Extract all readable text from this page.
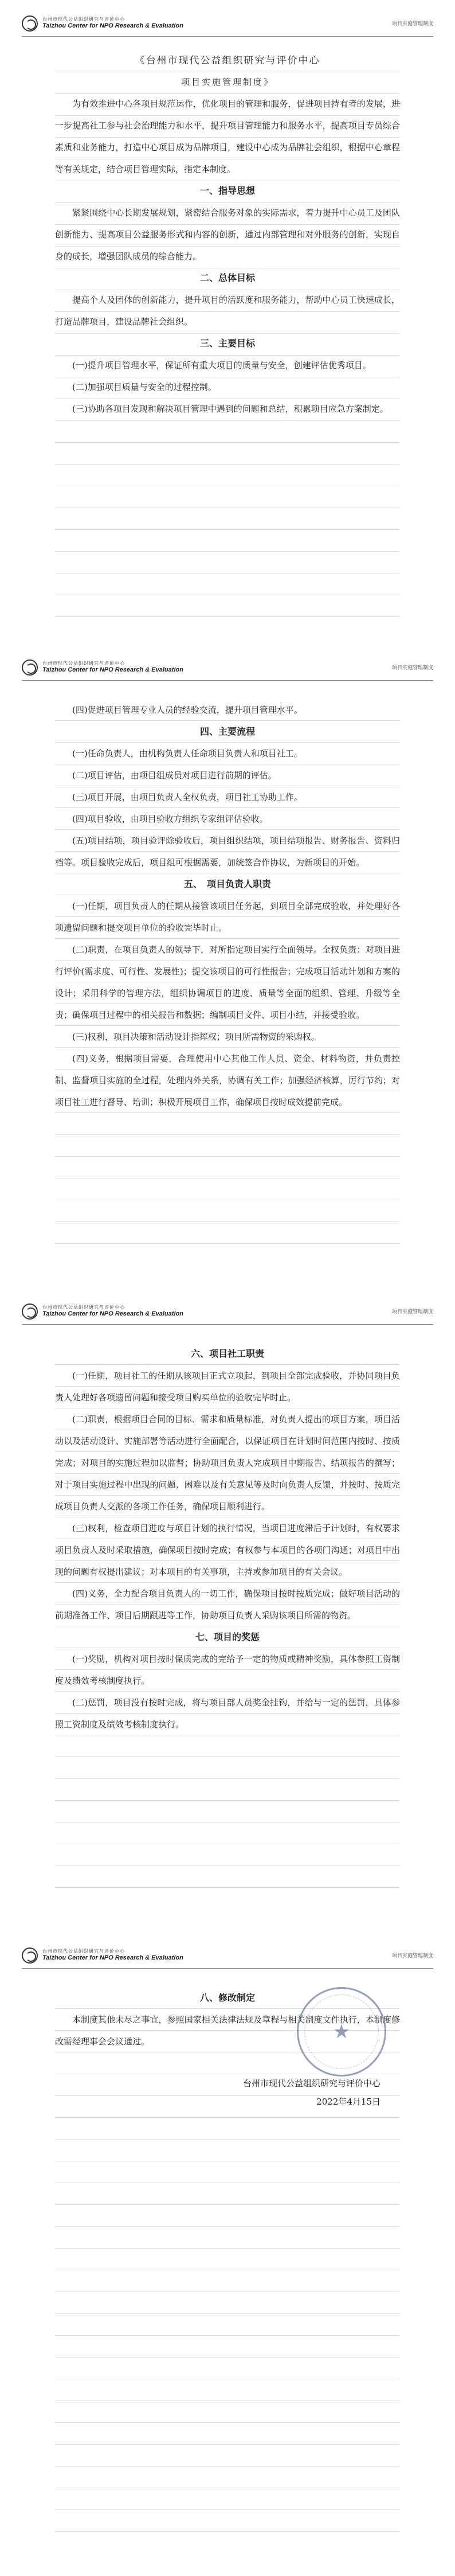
台州市现代公益组织研究与评价中心
Taizhou Center for NPO Research & Evaluation	项目实施管理制度
《台州市现代公益组织研究与评价中心
项目实施管理制度》

为有效推进中心各项目规范运作，优化项目的管理和服务，促进项目持有者的发展，进一步提高社工参与社会治理能力和水平，提升项目管理能力和服务水平，提高项目专员综合素质和业务能力，打造中心项目成为品牌项目，建设中心成为品牌社会组织，根据中心章程等有关规定，结合项目管理实际，指定本制度。

一、指导思想

紧紧围绕中心长期发展规划，紧密结合服务对象的实际需求，着力提升中心员工及团队创新能力、提高项目公益服务形式和内容的创新，通过内部管理和对外服务的创新，实现自身的成长，增强团队成员的综合能力。

二、总体目标

提高个人及团体的创新能力，提升项目的活跃度和服务能力，帮助中心员工快速成长，打造品牌项目，建设品牌社会组织。

三、主要目标

(一)提升项目管理水平，保证所有重大项目的质量与安全，创建评估优秀项目。

(二)加强项目质量与安全的过程控制。

(三)协助各项目发现和解决项目管理中遇到的问题和总结，积累项目应急方案制定。

台州市现代公益组织研究与评价中心
Taizhou Center for NPO Research & Evaluation	项目实施管理制度

(四)促进项目管理专业人员的经验交流，提升项目管理水平。

四、主要流程

(一)任命负责人，由机构负责人任命项目负责人和项目社工。

(二)项目评估，由项目组成员对项目进行前期的评估。

(三)项目开展，由项目负责人全权负责，项目社工协助工作。

(四)项目验收，由项目验收方组织专家组评估验收。

(五)项目结项，项目验评除验收后，项目组织结项，项目结项报告、财务报告、资料归档等。项目验收完成后，项目组可根据需要，加统签合作协议，为新项目的开始。

五、　项目负责人职责

(一)任期，项目负责人的任期从接管该项目任务起，到项目全部完成验收，并处理好各项遗留问题和提交项目单位的验收完毕时止。

(二)职责，在项目负责人的领导下，对所指定项目实行全面领导。全权负责：对项目进行评价(需求度、可行性、发展性)；提交该项目的可行性报告；完成项目活动计划和方案的设计；采用科学的管理方法，组织协调项目的进度、质量等全面的组织、管理、升级等全责；确保项目过程中的相关报告和数据；编制项目文件、项目小结，并接受验收。

(三)权利，项目决策和活动设计指挥权；项目所需物资的采购权。

(四)义务，根据项目需要，合理使用中心其他工作人员、资金、材料物资，并负责控制、监督项目实施的全过程，处理内外关系，协调有关工作；加强经济核算，厉行节约；对项目社工进行督导、培训；积极开展项目工作，确保项目按时成效提前完成。

台州市现代公益组织研究与评价中心
Taizhou Center for NPO Research & Evaluation	项目实施管理制度
六、项目社工职责

(一)任期，项目社工的任期从该项目正式立项起，到项目全部完成验收，并协同项目负责人处理好各项遗留问题和接受项目购买单位的验收完毕时止。

(二)职责，根据项目合同的目标、需求和质量标准，对负责人提出的项目方案，项目活动以及活动设计、实施部署等活动进行全面配合，以保证项目在计划时间范围内按时、按质完成；对项目的实施过程加以监督；协助项目负责人完成项目中期报告、结项报告的撰写；对于项目实施过程中出现的问题、困难以及有关意见等及时向负责人反馈，并按时、按质完成项目负责人交派的各项工作任务，确保项目顺利进行。

(三)权利，检查项目进度与项目计划的执行情况，当项目进度滞后于计划时，有权要求项目负责人及时采取措施，确保项目按时完成；有权参与本项目的各项门沟通；对项目中出现的问题有权提出建议；对本项目的有关事项，主持或参加项目的有关会议。

(四)义务，全力配合项目负责人的一切工作，确保项目按时按质完成；做好项目活动的前期准备工作、项目后期跟进等工作，协助项目负责人采购该项目所需的物资。

七、项目的奖惩

(一)奖励，机构对项目按时保质完成的完给予一定的物质或精神奖励，具体参照工资制度及绩效考核制度执行。

(二)惩罚，项目没有按时完成，将与项目部人员奖金挂钩，并给与一定的惩罚，具体参照工资制度及绩效考核制度执行。

台州市现代公益组织研究与评价中心
Taizhou Center for NPO Research & Evaluation	项目实施管理制度
八、修改制定

本制度其他未尽之事宜，参照国家相关法律法规及章程与相关制度文件执行，本制度修改需经理事会会议通过。	★
台州市现代公益组织研究与评价中心
2022年4月15日
